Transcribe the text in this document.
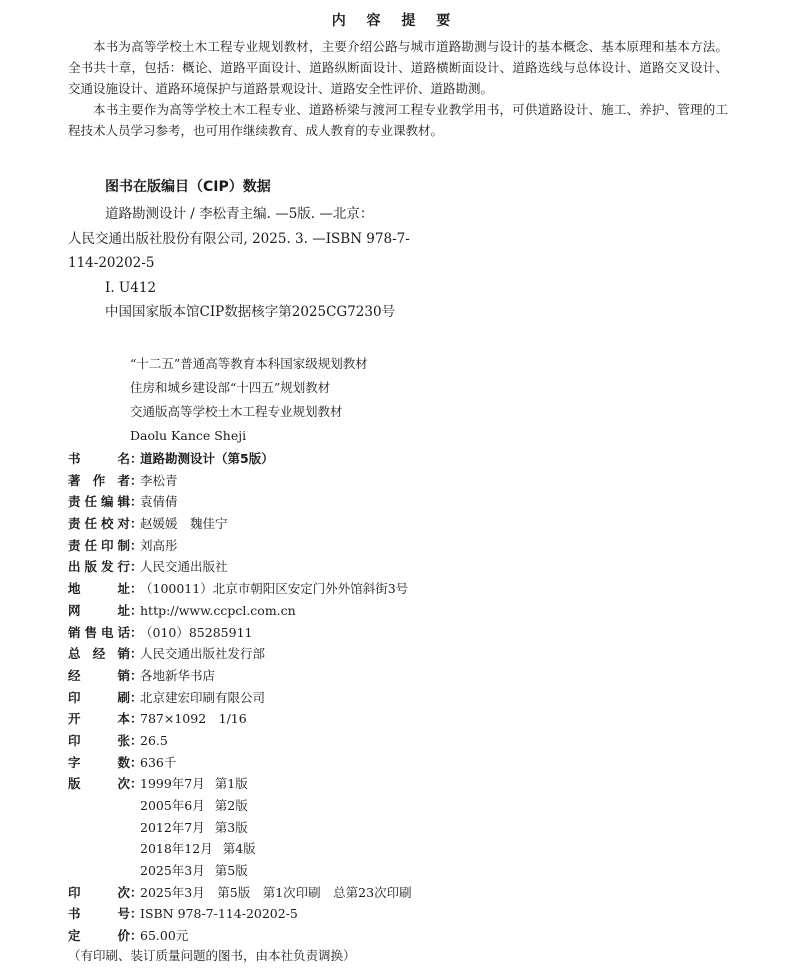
内 容 提 要

本书为高等学校土木工程专业规划教材，主要介绍公路与城市道路勘测与设计的基本概念、基本原理和基本方法。全书共十章，包括：概论、道路平面设计、道路纵断面设计、道路横断面设计、道路选线与总体设计、道路交叉设计、交通设施设计、道路环境保护与道路景观设计、道路安全性评价、道路勘测。

本书主要作为高等学校土木工程专业、道路桥梁与渡河工程专业教学用书，可供道路设计、施工、养护、管理的工程技术人员学习参考，也可用作继续教育、成人教育的专业课教材。

图书在版编目（CIP）数据
道路勘测设计 / 李松青主编. —5版. —北京：
人民交通出版社股份有限公司, 2025. 3. —ISBN 978-7-
114-20202-5
Ⅰ. U412
中国国家版本馆CIP数据核字第2025CG7230号
“十二五”普通高等教育本科国家级规划教材
住房和城乡建设部“十四五”规划教材
交通版高等学校土木工程专业规划教材
Daolu Kance Sheji
书名 ：
道路勘测设计（第5版）
著作者 ：
李松青
责任编辑 ：
袁倩倩
责任校对 ：
赵媛媛　魏佳宁
责任印制 ：
刘高彤
出版发行 ：
人民交通出版社
地址 ：
（100011）北京市朝阳区安定门外外馆斜街3号
网址 ：
http://www.ccpcl.com.cn
销售电话 ：
（010）85285911
总经销 ：
人民交通出版社发行部
经销 ：
各地新华书店
印刷 ：
北京建宏印刷有限公司
开本 ：
787×1092　1/16
印张 ：
26.5
字数 ：
636千
版次 ：
1999年7月 第1版
2005年6月 第2版
2012年7月 第3版
2018年12月 第4版
2025年3月 第5版
印次 ：
2025年3月　第5版　第1次印刷　总第23次印刷
书号 ：
ISBN 978-7-114-20202-5
定价 ：
65.00元
（有印刷、装订质量问题的图书，由本社负责调换）
